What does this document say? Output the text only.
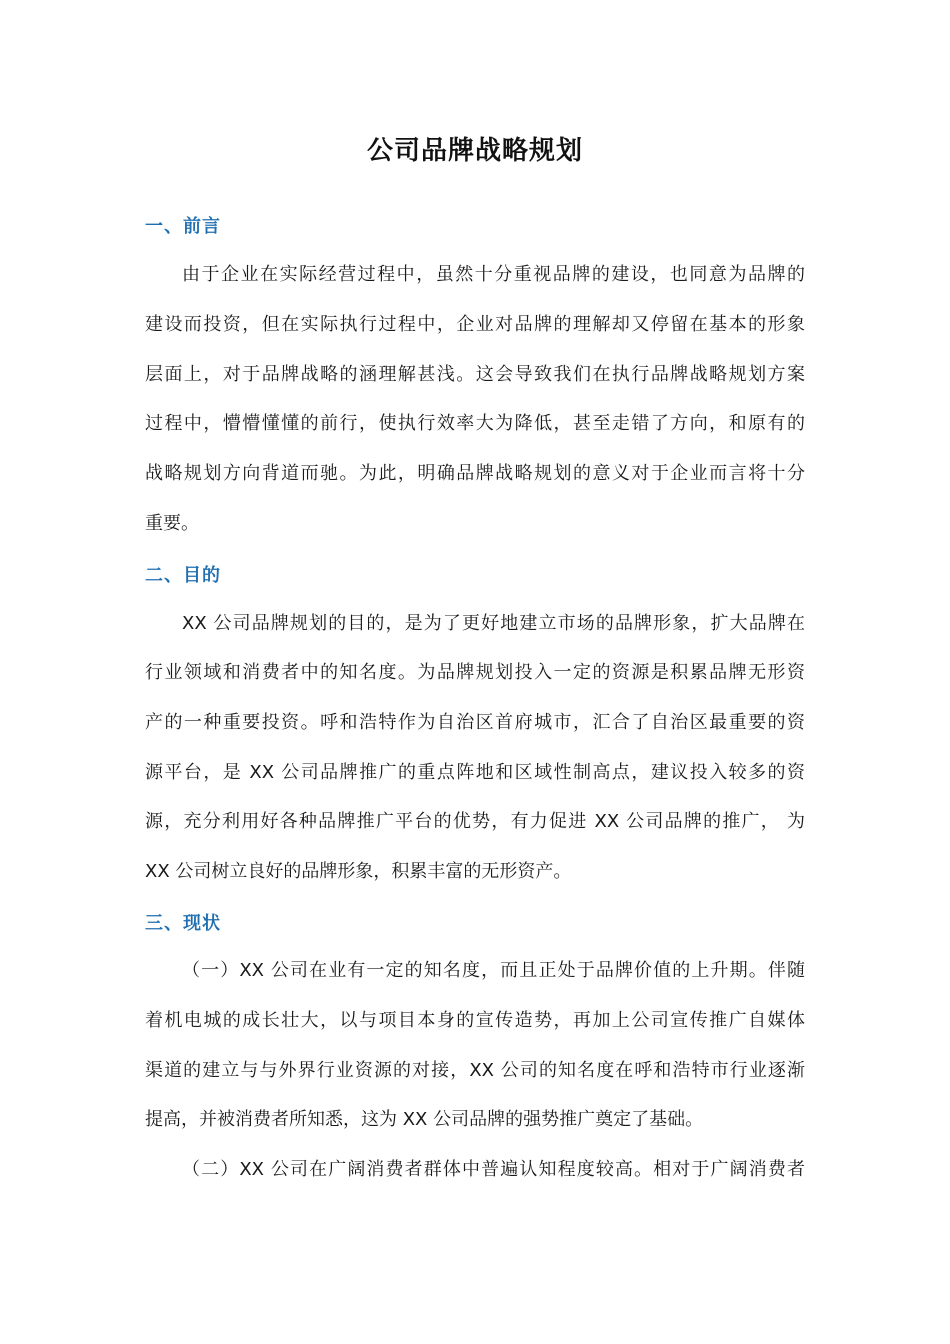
公司品牌战略规划
一、前言
由于企业在实际经营过程中，虽然十分重视品牌的建设，也同意为品牌的
建设而投资，但在实际执行过程中，企业对品牌的理解却又停留在基本的形象
层面上，对于品牌战略的涵理解甚浅。这会导致我们在执行品牌战略规划方案
过程中，懵懵懂懂的前行，使执行效率大为降低，甚至走错了方向，和原有的
战略规划方向背道而驰。为此，明确品牌战略规划的意义对于企业而言将十分
重要。
二、目的
XX 公司品牌规划的目的，是为了更好地建立市场的品牌形象，扩大品牌在
行业领域和消费者中的知名度。为品牌规划投入一定的资源是积累品牌无形资
产的一种重要投资。呼和浩特作为自治区首府城市，汇合了自治区最重要的资
源平台，是 XX 公司品牌推广的重点阵地和区域性制高点，建议投入较多的资
源，充分利用好各种品牌推广平台的优势，有力促进 XX 公司品牌的推广， 为
XX 公司树立良好的品牌形象，积累丰富的无形资产。
三、现状
（一）XX 公司在业有一定的知名度，而且正处于品牌价值的上升期。伴随
着机电城的成长壮大，以与项目本身的宣传造势，再加上公司宣传推广自媒体
渠道的建立与与外界行业资源的对接，XX 公司的知名度在呼和浩特市行业逐渐
提高，并被消费者所知悉，这为 XX 公司品牌的强势推广奠定了基础。
（二）XX 公司在广阔消费者群体中普遍认知程度较高。相对于广阔消费者
